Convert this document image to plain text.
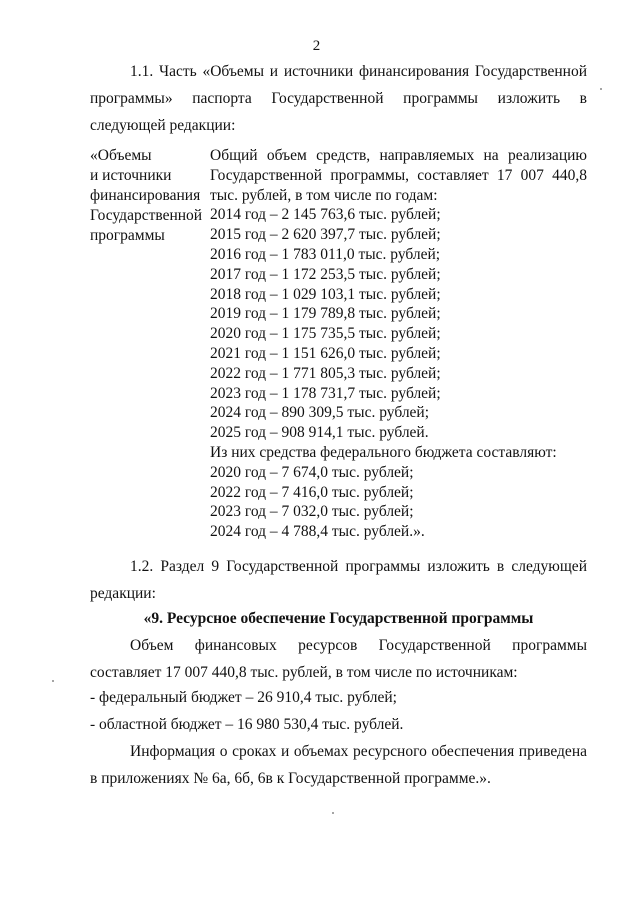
2
1.1. Часть «Объемы и источники финансирования Государственной программы» паспорта Государственной программы изложить в следующей редакции:
«Объемы
и источники
финансирования
Государственной
программы
Общий объем средств, направляемых на реализацию Государственной программы, составляет 17 007 440,8 тыс. рублей, в том числе по годам:
2014 год – 2 145 763,6 тыс. рублей;
2015 год – 2 620 397,7 тыс. рублей;
2016 год – 1 783 011,0 тыс. рублей;
2017 год – 1 172 253,5 тыс. рублей;
2018 год – 1 029 103,1 тыс. рублей;
2019 год – 1 179 789,8 тыс. рублей;
2020 год – 1 175 735,5 тыс. рублей;
2021 год – 1 151 626,0 тыс. рублей;
2022 год – 1 771 805,3 тыс. рублей;
2023 год – 1 178 731,7 тыс. рублей;
2024 год – 890 309,5 тыс. рублей;
2025 год – 908 914,1 тыс. рублей.
Из них средства федерального бюджета составляют:
2020 год – 7 674,0 тыс. рублей;
2022 год – 7 416,0 тыс. рублей;
2023 год – 7 032,0 тыс. рублей;
2024 год – 4 788,4 тыс. рублей.».
1.2. Раздел 9 Государственной программы изложить в следующей редакции:
«9. Ресурсное обеспечение Государственной программы
Объем финансовых ресурсов Государственной программы составляет 17 007 440,8 тыс. рублей, в том числе по источникам:
- федеральный бюджет – 26 910,4 тыс. рублей;
- областной бюджет – 16 980 530,4 тыс. рублей.
Информация о сроках и объемах ресурсного обеспечения приведена в приложениях № 6а, 6б, 6в к Государственной программе.».
